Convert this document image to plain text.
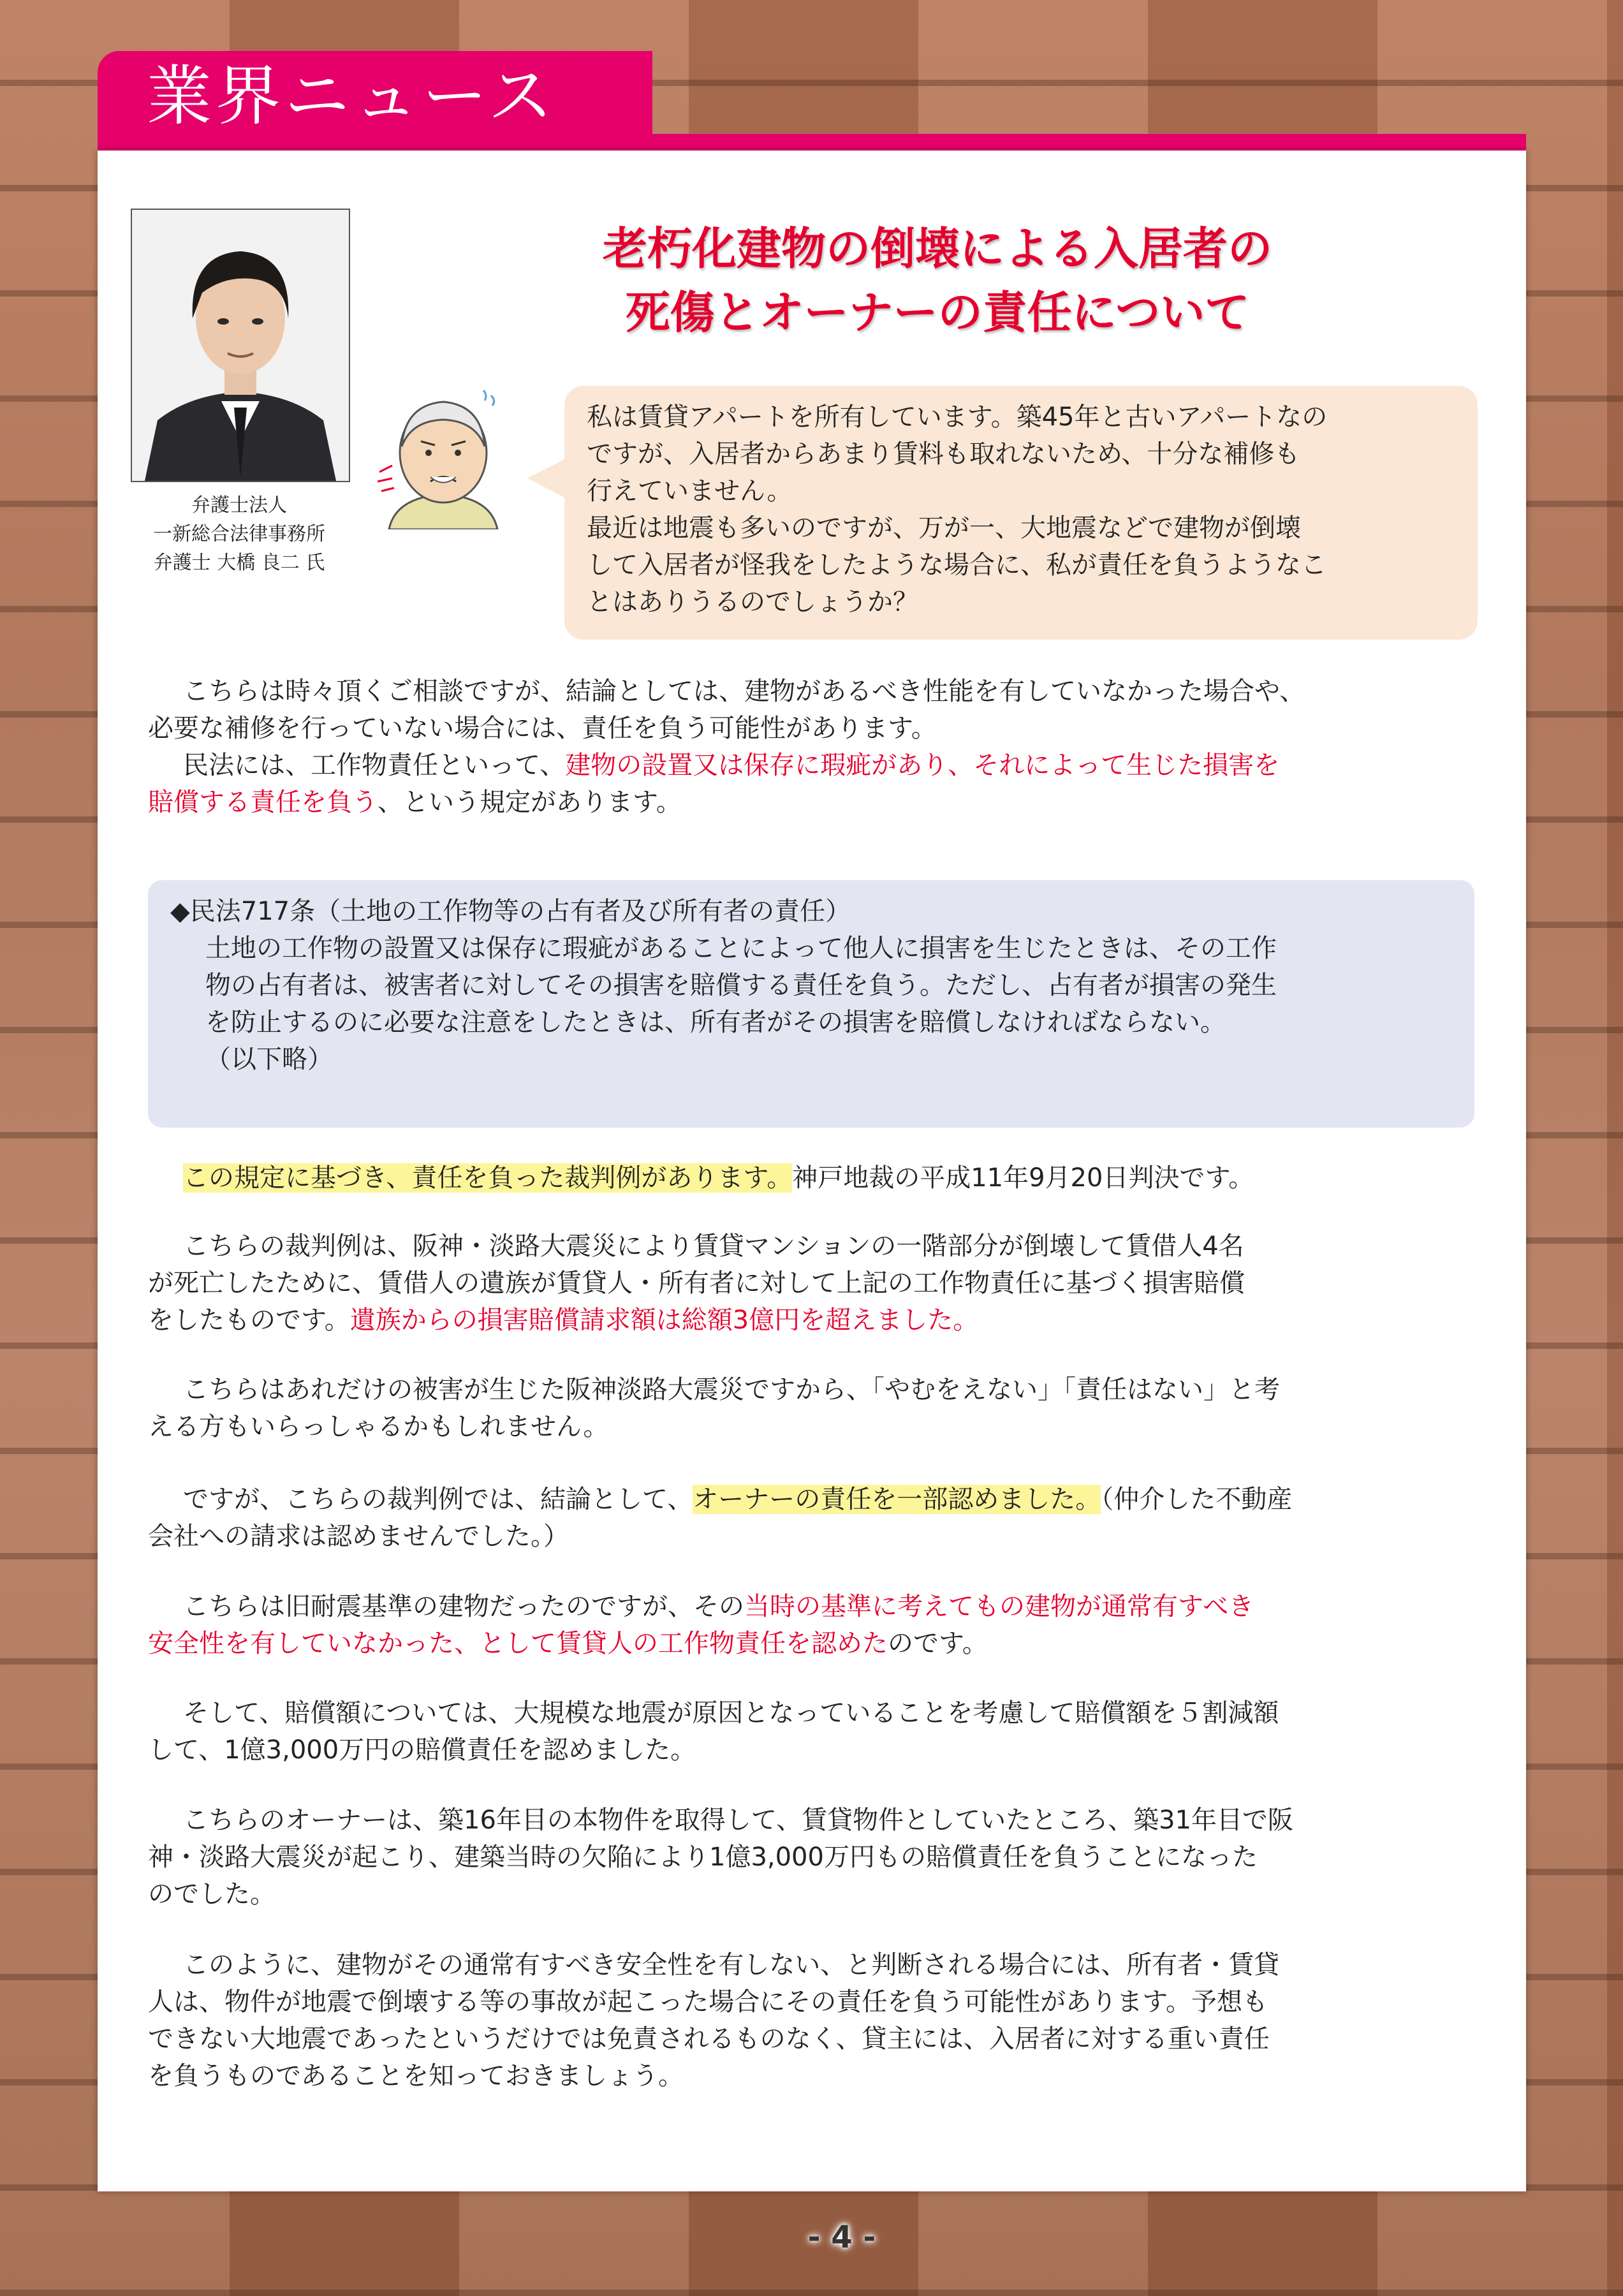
業界ニュース
弁護士法人
一新総合法律事務所
弁護士 大橋 良二 氏
老朽化建物の倒壊による入居者の
死傷とオーナーの責任について
私は賃貸アパートを所有しています。築45年と古いアパートなの
ですが、入居者からあまり賃料も取れないため、十分な補修も
行えていません。
最近は地震も多いのですが、万が一、大地震などで建物が倒壊
して入居者が怪我をしたような場合に、私が責任を負うようなこ
とはありうるのでしょうか？
こちらは時々頂くご相談ですが、結論としては、建物があるべき性能を有していなかった場合や、
必要な補修を行っていない場合には、責任を負う可能性があります。
民法には、工作物責任といって、建物の設置又は保存に瑕疵があり、それによって生じた損害を
賠償する責任を負う、という規定があります。
◆民法717条（土地の工作物等の占有者及び所有者の責任）
土地の工作物の設置又は保存に瑕疵があることによって他人に損害を生じたときは、その工作
物の占有者は、被害者に対してその損害を賠償する責任を負う。ただし、占有者が損害の発生
を防止するのに必要な注意をしたときは、所有者がその損害を賠償しなければならない。
（以下略）
この規定に基づき、責任を負った裁判例があります。神戸地裁の平成11年9月20日判決です。
こちらの裁判例は、阪神・淡路大震災により賃貸マンションの一階部分が倒壊して賃借人4名
が死亡したために、賃借人の遺族が賃貸人・所有者に対して上記の工作物責任に基づく損害賠償
をしたものです。遺族からの損害賠償請求額は総額3億円を超えました。
こちらはあれだけの被害が生じた阪神淡路大震災ですから、「やむをえない」「責任はない」と考
える方もいらっしゃるかもしれません。
ですが、こちらの裁判例では、結論として、オーナーの責任を一部認めました。（仲介した不動産
会社への請求は認めませんでした。）
こちらは旧耐震基準の建物だったのですが、その当時の基準に考えてもの建物が通常有すべき
安全性を有していなかった、として賃貸人の工作物責任を認めたのです。
そして、賠償額については、大規模な地震が原因となっていることを考慮して賠償額を５割減額
して、1億3,000万円の賠償責任を認めました。
こちらのオーナーは、築16年目の本物件を取得して、賃貸物件としていたところ、築31年目で阪
神・淡路大震災が起こり、建築当時の欠陥により1億3,000万円もの賠償責任を負うことになった
のでした。
このように、建物がその通常有すべき安全性を有しない、と判断される場合には、所有者・賃貸
人は、物件が地震で倒壊する等の事故が起こった場合にその責任を負う可能性があります。予想も
できない大地震であったというだけでは免責されるものなく、貸主には、入居者に対する重い責任
を負うものであることを知っておきましょう。
- 4 -
